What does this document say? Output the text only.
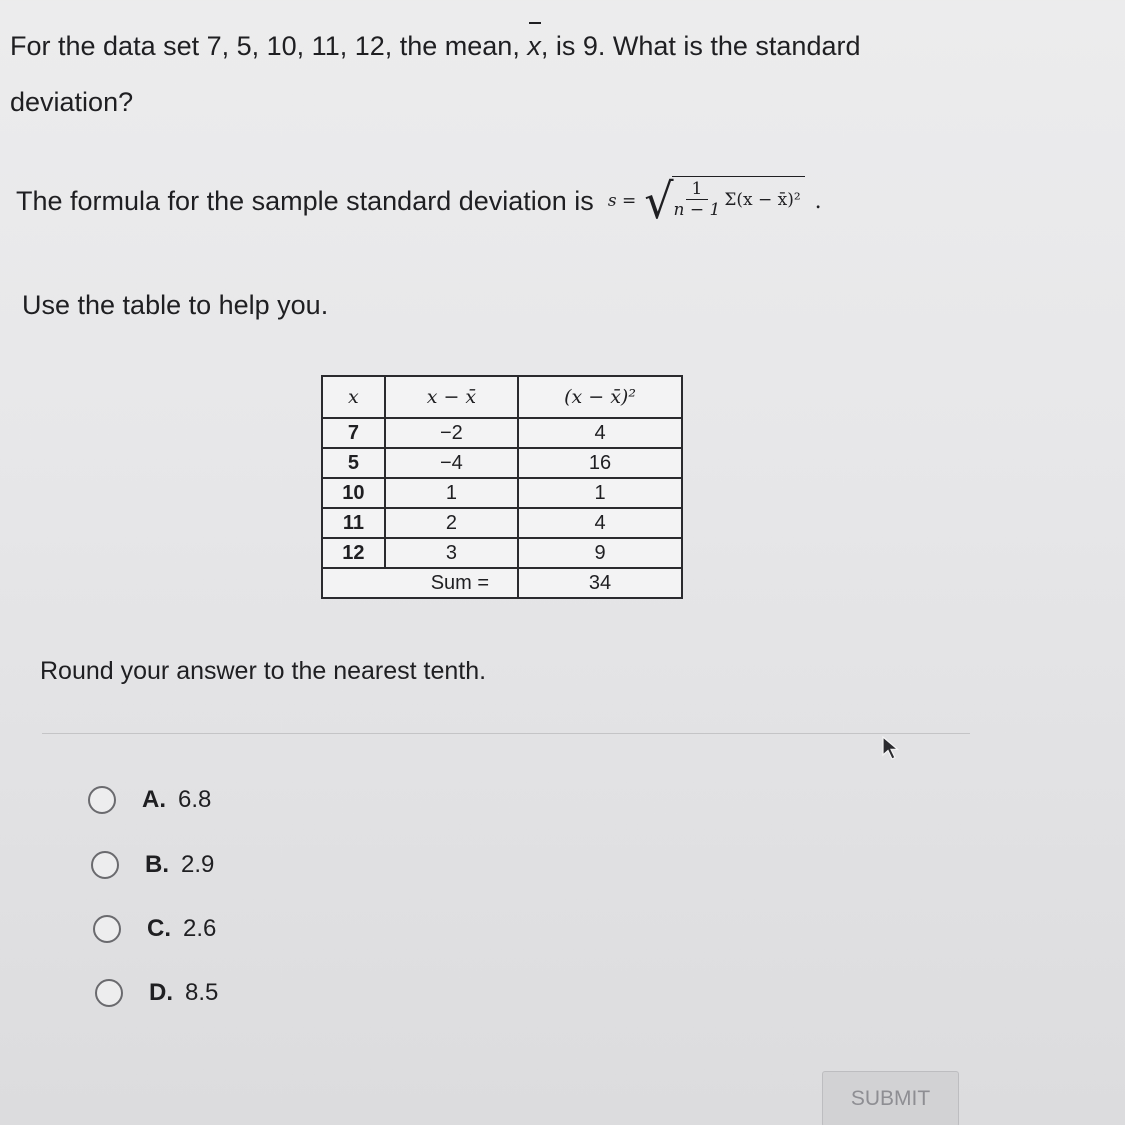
For the data set 7, 5, 10, 11, 12, the mean, x, is 9. What is the standard deviation?
The formula for the sample standard deviation is s = √ $\frac{1}{n - 1} \Sigma(x$ − x̄)² .
Use the table to help you.
x	x − x̄	(x − x̄)²
7	−2	4
5	−4	16
10	1	1
11	2	4
12	3	9
Sum =		34
Round your answer to the nearest tenth.
A. 6.8
B. 2.9
C. 2.6
D. 8.5
SUBMIT
